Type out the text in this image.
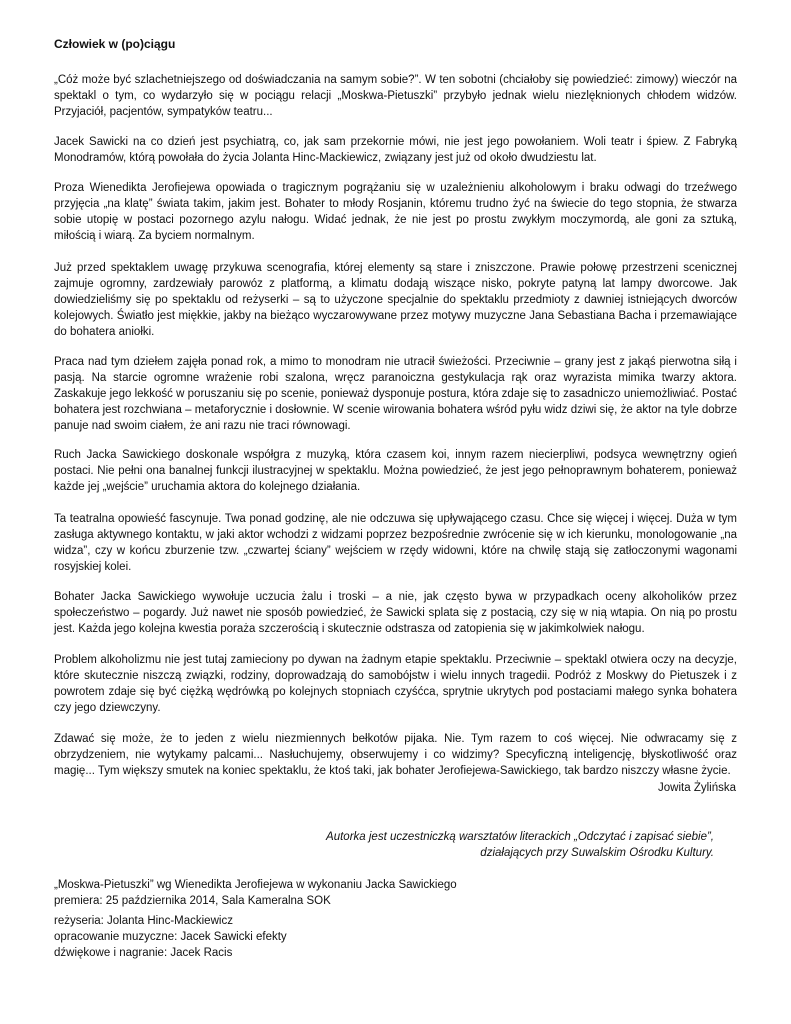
Człowiek w (po)ciągu

„Cóż może być szlachetniejszego od doświadczania na samym sobie?”. W ten sobotni (chciałoby się powiedzieć: zimowy) wieczór na spektakl o tym, co wydarzyło się w pociągu relacji „Moskwa-Pietuszki” przybyło jednak wielu niezlęknionych chłodem widzów. Przyjaciół, pacjentów, sympatyków teatru...

Jacek Sawicki na co dzień jest psychiatrą, co, jak sam przekornie mówi, nie jest jego powołaniem. Woli teatr i śpiew. Z Fabryką Monodramów, którą powołała do życia Jolanta Hinc-Mackiewicz, związany jest już od około dwudziestu lat.

Proza Wienedikta Jerofiejewa opowiada o tragicznym pogrążaniu się w uzależnieniu alkoholowym i braku odwagi do trzeźwego przyjęcia „na klatę” świata takim, jakim jest. Bohater to młody Rosjanin, któremu trudno żyć na świecie do tego stopnia, że stwarza sobie utopię w postaci pozornego azylu nałogu. Widać jednak, że nie jest po prostu zwykłym moczymordą, ale goni za sztuką, miłością i wiarą. Za byciem normalnym.

Już przed spektaklem uwagę przykuwa scenografia, której elementy są stare i zniszczone. Prawie połowę przestrzeni scenicznej zajmuje ogromny, zardzewiały parowóz z platformą, a klimatu dodają wiszące nisko, pokryte patyną lat lampy dworcowe. Jak dowiedzieliśmy się po spektaklu od reżyserki – są to użyczone specjalnie do spektaklu przedmioty z dawniej istniejących dworców kolejowych. Światło jest miękkie, jakby na bieżąco wyczarowywane przez motywy muzyczne Jana Sebastiana Bacha i przemawiające do bohatera aniołki.

Praca nad tym dziełem zajęła ponad rok, a mimo to monodram nie utracił świeżości. Przeciwnie – grany jest z jakąś pierwotna siłą i pasją. Na starcie ogromne wrażenie robi szalona, wręcz paranoiczna gestykulacja rąk oraz wyrazista mimika twarzy aktora. Zaskakuje jego lekkość w poruszaniu się po scenie, ponieważ dysponuje postura, która zdaje się to zasadniczo uniemożliwiać. Postać bohatera jest rozchwiana – metaforycznie i dosłownie. W scenie wirowania bohatera wśród pyłu widz dziwi się, że aktor na tyle dobrze panuje nad swoim ciałem, że ani razu nie traci równowagi.

Ruch Jacka Sawickiego doskonale współgra z muzyką, która czasem koi, innym razem niecierpliwi, podsyca wewnętrzny ogień postaci. Nie pełni ona banalnej funkcji ilustracyjnej w spektaklu. Można powiedzieć, że jest jego pełnoprawnym bohaterem, ponieważ każde jej „wejście” uruchamia aktora do kolejnego działania.

Ta teatralna opowieść fascynuje. Twa ponad godzinę, ale nie odczuwa się upływającego czasu. Chce się więcej i więcej. Duża w tym zasługa aktywnego kontaktu, w jaki aktor wchodzi z widzami poprzez bezpośrednie zwrócenie się w ich kierunku, monologowanie „na widza”, czy w końcu zburzenie tzw. „czwartej ściany” wejściem w rzędy widowni, które na chwilę stają się zatłoczonymi wagonami rosyjskiej kolei.

Bohater Jacka Sawickiego wywołuje uczucia żalu i troski – a nie, jak często bywa w przypadkach oceny alkoholików przez społeczeństwo – pogardy. Już nawet nie sposób powiedzieć, że Sawicki splata się z postacią, czy się w nią wtapia. On nią po prostu jest. Każda jego kolejna kwestia poraża szczerością i skutecznie odstrasza od zatopienia się w jakimkolwiek nałogu.

Problem alkoholizmu nie jest tutaj zamieciony po dywan na żadnym etapie spektaklu. Przeciwnie – spektakl otwiera oczy na decyzje, które skutecznie niszczą związki, rodziny, doprowadzają do samobójstw i wielu innych tragedii. Podróż z Moskwy do Pietuszek i z powrotem zdaje się być ciężką wędrówką po kolejnych stopniach czyśćca, sprytnie ukrytych pod postaciami małego synka bohatera czy jego dziewczyny.

Zdawać się może, że to jeden z wielu niezmiennych bełkotów pijaka. Nie. Tym razem to coś więcej. Nie odwracamy się z obrzydzeniem, nie wytykamy palcami... Nasłuchujemy, obserwujemy i co widzimy? Specyficzną inteligencję, błyskotliwość oraz magię... Tym większy smutek na koniec spektaklu, że ktoś taki, jak bohater Jerofiejewa-Sawickiego, tak bardzo niszczy własne życie.

Jowita Żylińska
Autorka jest uczestniczką warsztatów literackich „Odczytać i zapisać siebie”,
działających przy Suwalskim Ośrodku Kultury.
„Moskwa-Pietuszki” wg Wienedikta Jerofiejewa w wykonaniu Jacka Sawickiego
premiera: 25 października 2014, Sala Kameralna SOK
reżyseria: Jolanta Hinc-Mackiewicz
opracowanie muzyczne: Jacek Sawicki efekty
dźwiękowe i nagranie: Jacek Racis
